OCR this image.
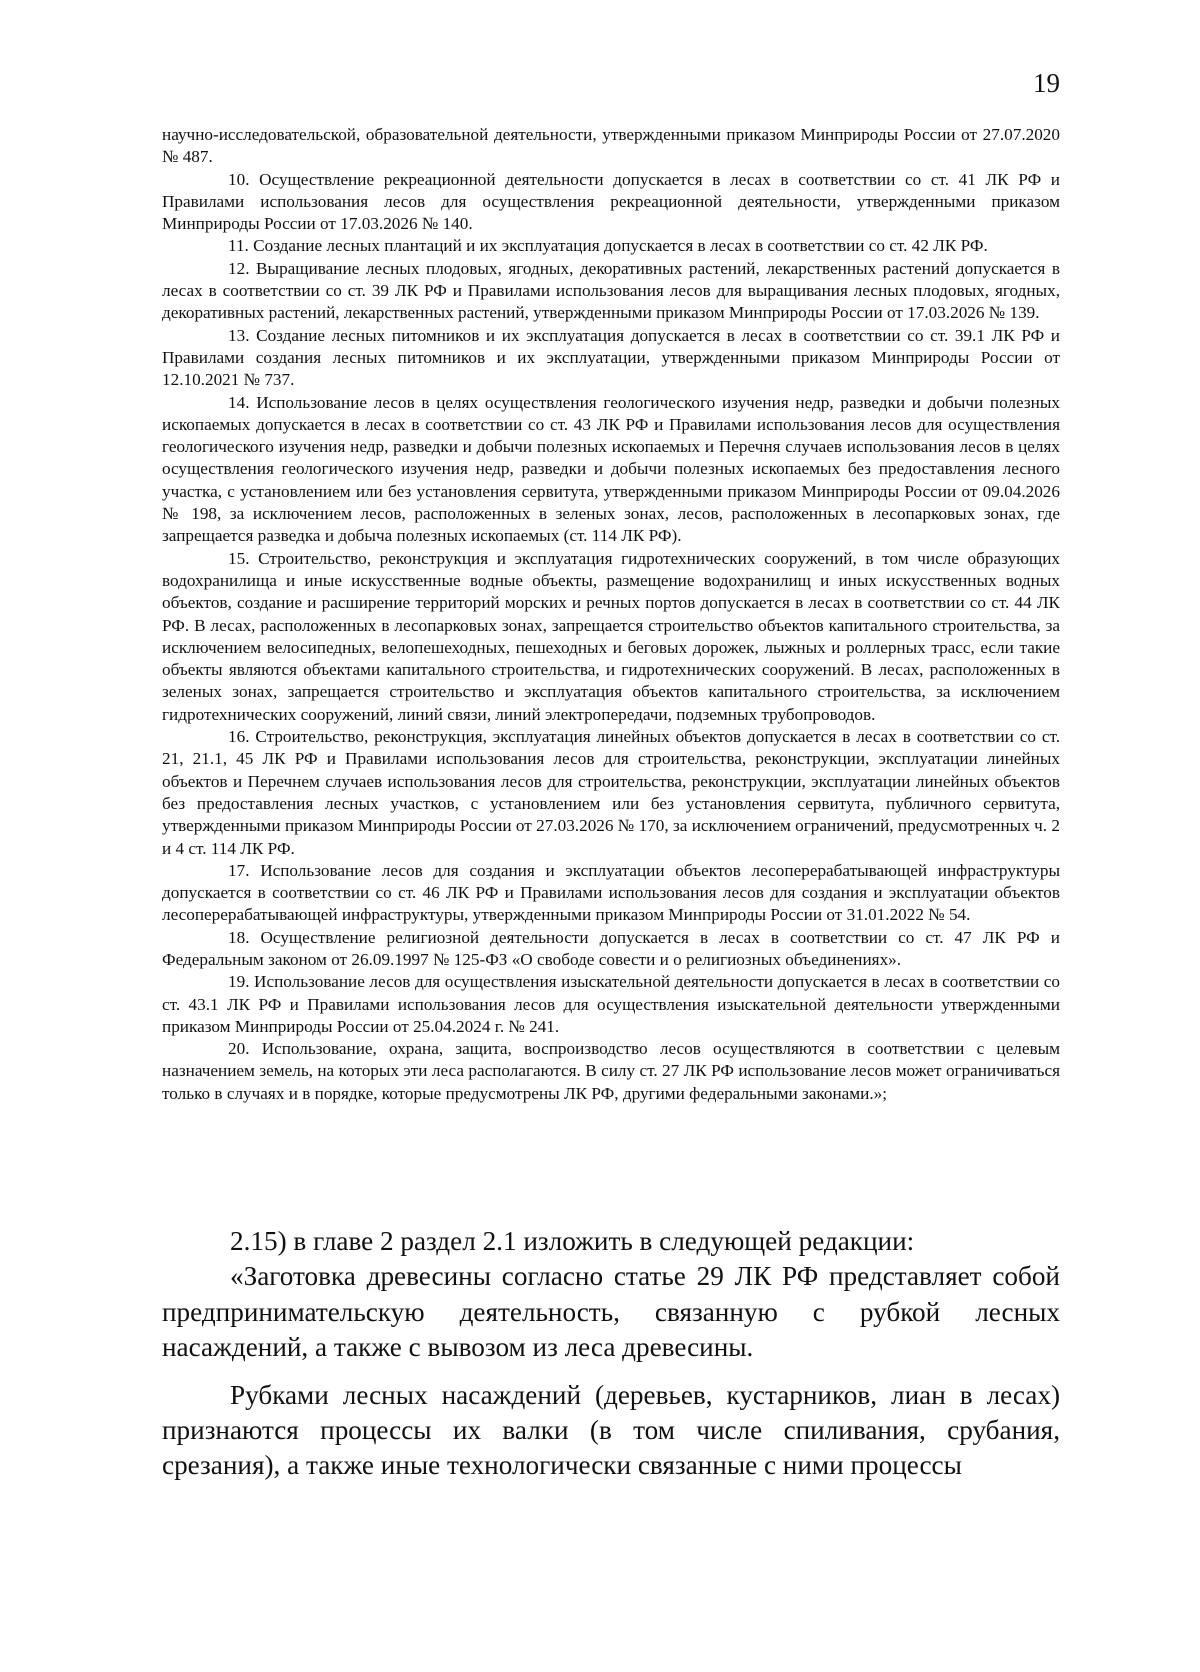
19

научно-исследовательской, образовательной деятельности, утвержденными приказом Минприроды России от 27.07.2020 № 487.

10. Осуществление рекреационной деятельности допускается в лесах в соответствии со ст. 41 ЛК РФ и Правилами использования лесов для осуществления рекреационной деятельности, утвержденными приказом Минприроды России от 17.03.2026 № 140.

11. Создание лесных плантаций и их эксплуатация допускается в лесах в соответствии со ст. 42 ЛК РФ.

12. Выращивание лесных плодовых, ягодных, декоративных растений, лекарственных растений допускается в лесах в соответствии со ст. 39 ЛК РФ и Правилами использования лесов для выращивания лесных плодовых, ягодных, декоративных растений, лекарственных растений, утвержденными приказом Минприроды России от 17.03.2026 № 139.

13. Создание лесных питомников и их эксплуатация допускается в лесах в соответствии со ст. 39.1 ЛК РФ и Правилами создания лесных питомников и их эксплуатации, утвержденными приказом Минприроды России от 12.10.2021 № 737.

14. Использование лесов в целях осуществления геологического изучения недр, разведки и добычи полезных ископаемых допускается в лесах в соответствии со ст. 43 ЛК РФ и Правилами использования лесов для осуществления геологического изучения недр, разведки и добычи полезных ископаемых и Перечня случаев использования лесов в целях осуществления геологического изучения недр, разведки и добычи полезных ископаемых без предоставления лесного участка, с установлением или без установления сервитута, утвержденными приказом Минприроды России от 09.04.2026 № 198, за исключением лесов, расположенных в зеленых зонах, лесов, расположенных в лесопарковых зонах, где запрещается разведка и добыча полезных ископаемых (ст. 114 ЛК РФ).

15. Строительство, реконструкция и эксплуатация гидротехнических сооружений, в том числе образующих водохранилища и иные искусственные водные объекты, размещение водохранилищ и иных искусственных водных объектов, создание и расширение территорий морских и речных портов допускается в лесах в соответствии со ст. 44 ЛК РФ. В лесах, расположенных в лесопарковых зонах, запрещается строительство объектов капитального строительства, за исключением велосипедных, велопешеходных, пешеходных и беговых дорожек, лыжных и роллерных трасс, если такие объекты являются объектами капитального строительства, и гидротехнических сооружений. В лесах, расположенных в зеленых зонах, запрещается строительство и эксплуатация объектов капитального строительства, за исключением гидротехнических сооружений, линий связи, линий электропередачи, подземных трубопроводов.

16. Строительство, реконструкция, эксплуатация линейных объектов допускается в лесах в соответствии со ст. 21, 21.1, 45 ЛК РФ и Правилами использования лесов для строительства, реконструкции, эксплуатации линейных объектов и Перечнем случаев использования лесов для строительства, реконструкции, эксплуатации линейных объектов без предоставления лесных участков, с установлением или без установления сервитута, публичного сервитута, утвержденными приказом Минприроды России от 27.03.2026 № 170, за исключением ограничений, предусмотренных ч. 2 и 4 ст. 114 ЛК РФ.

17. Использование лесов для создания и эксплуатации объектов лесоперерабатывающей инфраструктуры допускается в соответствии со ст. 46 ЛК РФ и Правилами использования лесов для создания и эксплуатации объектов лесоперерабатывающей инфраструктуры, утвержденными приказом Минприроды России от 31.01.2022 № 54.

18. Осуществление религиозной деятельности допускается в лесах в соответствии со ст. 47 ЛК РФ и Федеральным законом от 26.09.1997 № 125-ФЗ «О свободе совести и о религиозных объединениях».

19. Использование лесов для осуществления изыскательной деятельности допускается в лесах в соответствии со ст. 43.1 ЛК РФ и Правилами использования лесов для осуществления изыскательной деятельности утвержденными приказом Минприроды России от 25.04.2024 г. № 241.

20. Использование, охрана, защита, воспроизводство лесов осуществляются в соответствии с целевым назначением земель, на которых эти леса располагаются. В силу ст. 27 ЛК РФ использование лесов может ограничиваться только в случаях и в порядке, которые предусмотрены ЛК РФ, другими федеральными законами.»;

2.15) в главе 2 раздел 2.1 изложить в следующей редакции:

«Заготовка древесины согласно статье 29 ЛК РФ представляет собой предпринимательскую деятельность, связанную с рубкой лесных насаждений, а также с вывозом из леса древесины.

Рубками лесных насаждений (деревьев, кустарников, лиан в лесах) признаются процессы их валки (в том числе спиливания, срубания, срезания), а также иные технологически связанные с ними процессы
